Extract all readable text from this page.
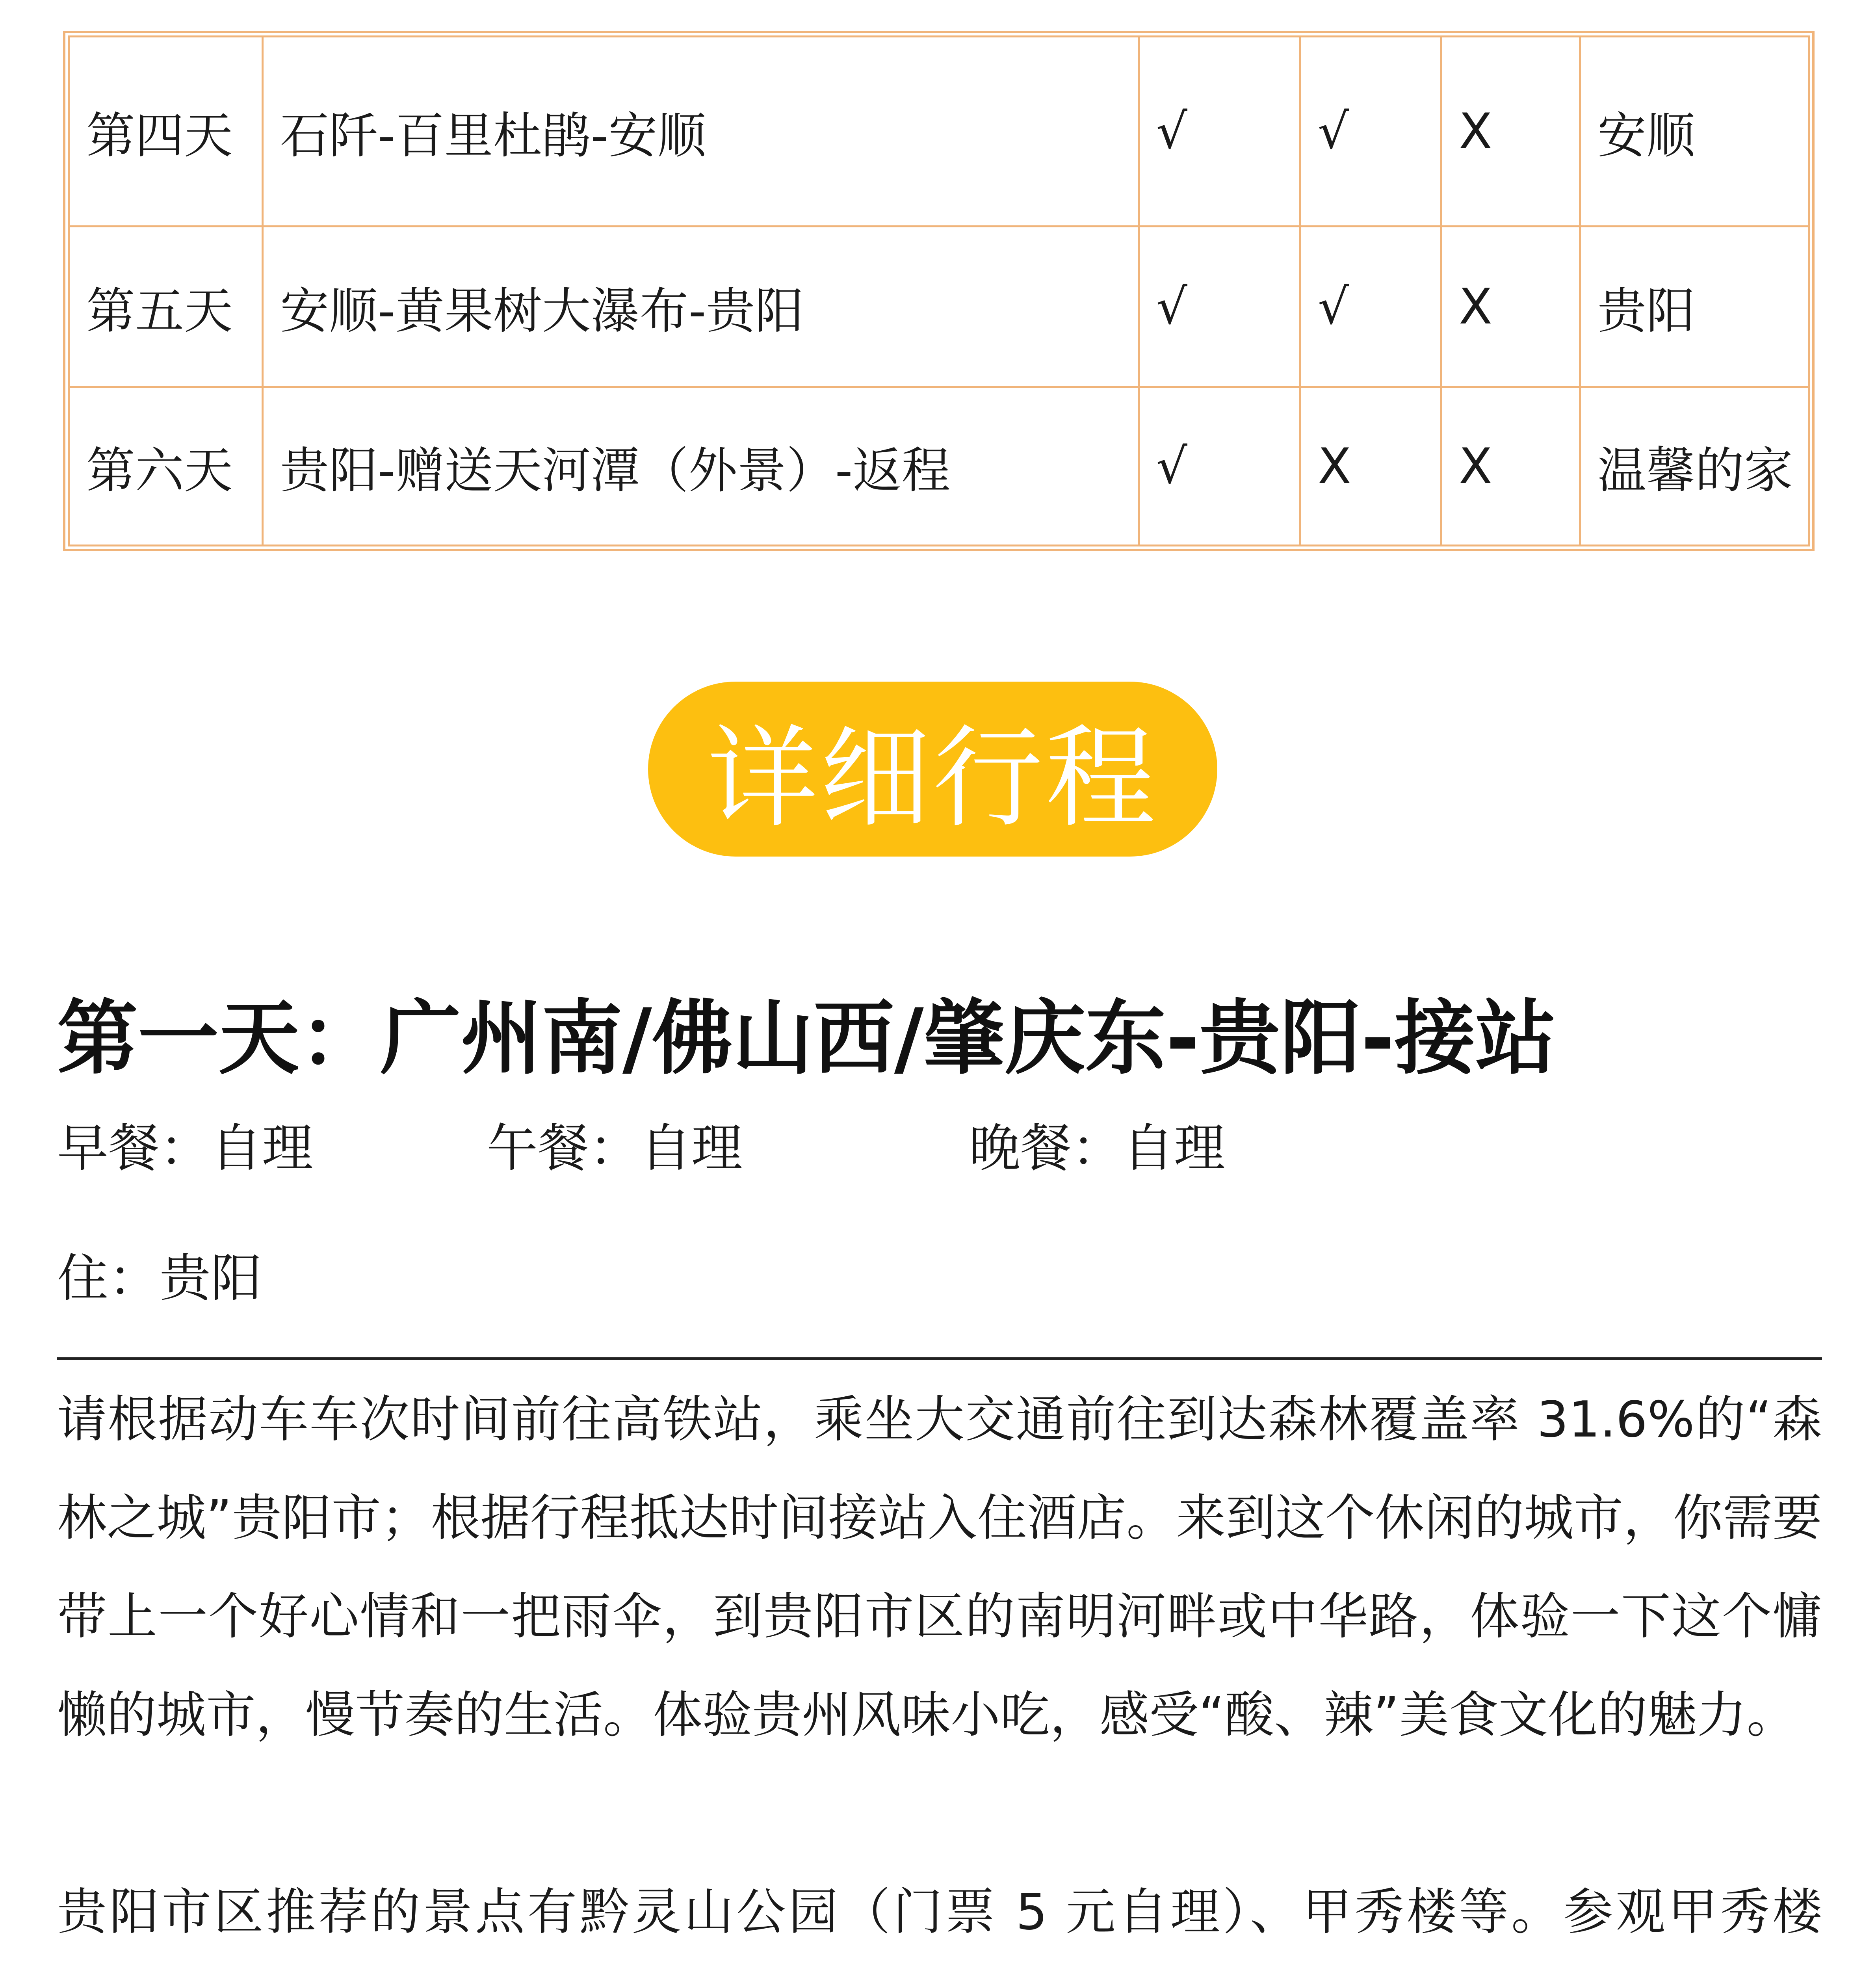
第四天	石阡-百里杜鹃-安顺	√	√	X	安顺
第五天	安顺-黄果树大瀑布-贵阳	√	√	X	贵阳
第六天	贵阳-赠送天河潭（外景）-返程	√	X	X	温馨的家
详细行程
第一天：广州南/佛山西/肇庆东-贵阳-接站
早餐：自理	午餐：自理	晚餐：自理
住：贵阳
请根据动车车次时间前往高铁站，乘坐大交通前往到达森林覆盖率 31.6%的“森林之城”贵阳市；根据行程抵达时间接站入住酒店。来到这个休闲的城市，你需要带上一个好心情和一把雨伞，到贵阳市区的南明河畔或中华路，体验一下这个慵懒的城市，慢节奏的生活。体验贵州风味小吃，感受“酸、辣”美食文化的魅力。
贵阳市区推荐的景点有黔灵山公园（门票 5 元自理）、甲秀楼等。参观甲秀楼
